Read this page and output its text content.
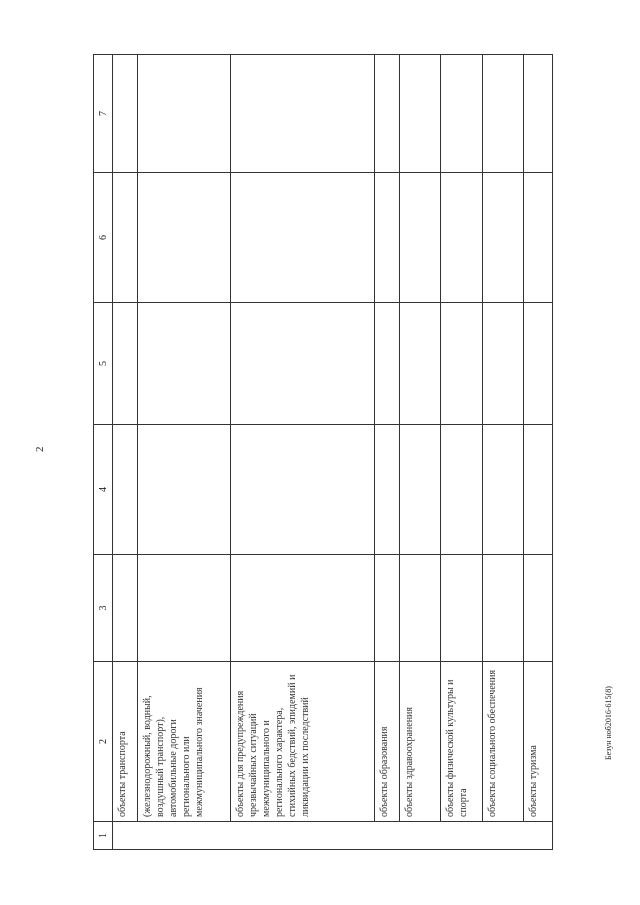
2
Безун ноб2016-615(8)
1	2	3	4	5	6	7
	объекты транспорта					
	(железнодорожный, водный, воздушный транспорт), автомобильные дороги регионального или межмуниципального значения					
	объекты для предупреждения чрезвычайных ситуаций межмуниципального и регионального характера, стихийных бедствий, эпидемий и ликвидации их последствий					
	объекты образования					
	объекты здравоохранения					
	объекты физической культуры и спорта					
	объекты социального обеспечения					
	объекты туризма					
